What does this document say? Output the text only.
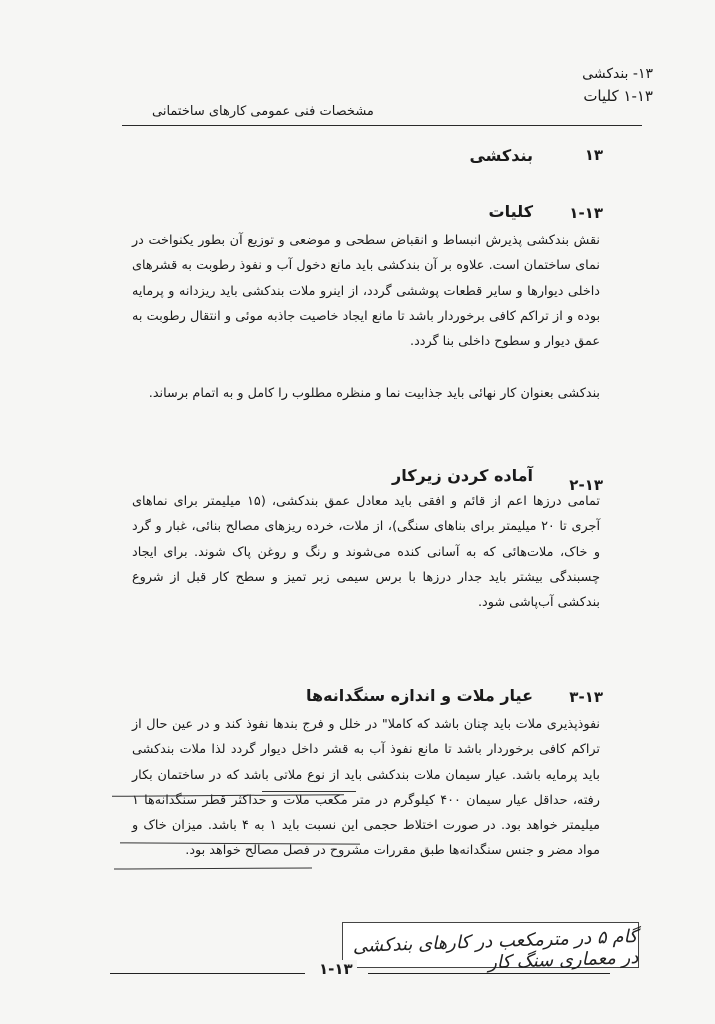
۱۳- بندکشی
۱-۱۳ کلیات
مشخصات فنی عمومی کارهای ساختمانی
۱۳
بندکشی
۱-۱۳
کلیات
نقش بندکشی پذیرش انبساط و انقباض سطحی و موضعی و توزیع آن بطور یکنواخت در نمای ساختمان است. علاوه بر آن بندکشی باید مانع دخول آب و نفوذ رطوبت به قشرهای داخلی دیوارها و سایر قطعات پوششی گردد، از اینرو ملات بندکشی باید ریزدانه و پرمایه بوده و از تراکم کافی برخوردار باشد تا مانع ایجاد خاصیت جاذبه موئی و انتقال رطوبت به عمق دیوار و سطوح داخلی بنا گردد.
بندکشی بعنوان کار نهائی باید جذابیت نما و منظره مطلوب را کامل و به اتمام برساند.
۲-۱۳
آماده کردن زیرکار
تمامی درزها اعم از قائم و افقی باید معادل عمق بندکشی، (۱۵ میلیمتر برای نماهای آجری تا ۲۰ میلیمتر برای بناهای سنگی)، از ملات، خرده ریزهای مصالح بنائی، غبار و گرد و خاک، ملات‌هائی که به آسانی کنده می‌شوند و رنگ و روغن پاک شوند. برای ایجاد چسبندگی بیشتر باید جدار درزها با برس سیمی زبر تمیز و سطح کار قبل از شروع بندکشی آب‌پاشی شود.
۳-۱۳
عیار ملات و اندازه سنگدانه‌ها
نفوذپذیری ملات باید چنان باشد که کاملا" در خلل و فرج بندها نفوذ کند و در عین حال از تراکم کافی برخوردار باشد تا مانع نفوذ آب به قشر داخل دیوار گردد لذا ملات بندکشی باید پرمایه باشد. عیار سیمان ملات بندکشی باید از نوع ملاتی باشد که در ساختمان بکار رفته، حداقل عیار سیمان ۴۰۰ کیلوگرم در متر مکعب ملات و حداکثر قطر سنگدانه‌ها ۱ میلیمتر خواهد بود. در صورت اختلاط حجمی این نسبت باید ۱ به ۴ باشد. میزان خاک و مواد مضر و جنس سنگدانه‌ها طبق مقررات مشروح در فصل مصالح خواهد بود.
گام ۵ در مترمکعب در کارهای بندکشی در معماری سنگ کار
۱-۱۳
